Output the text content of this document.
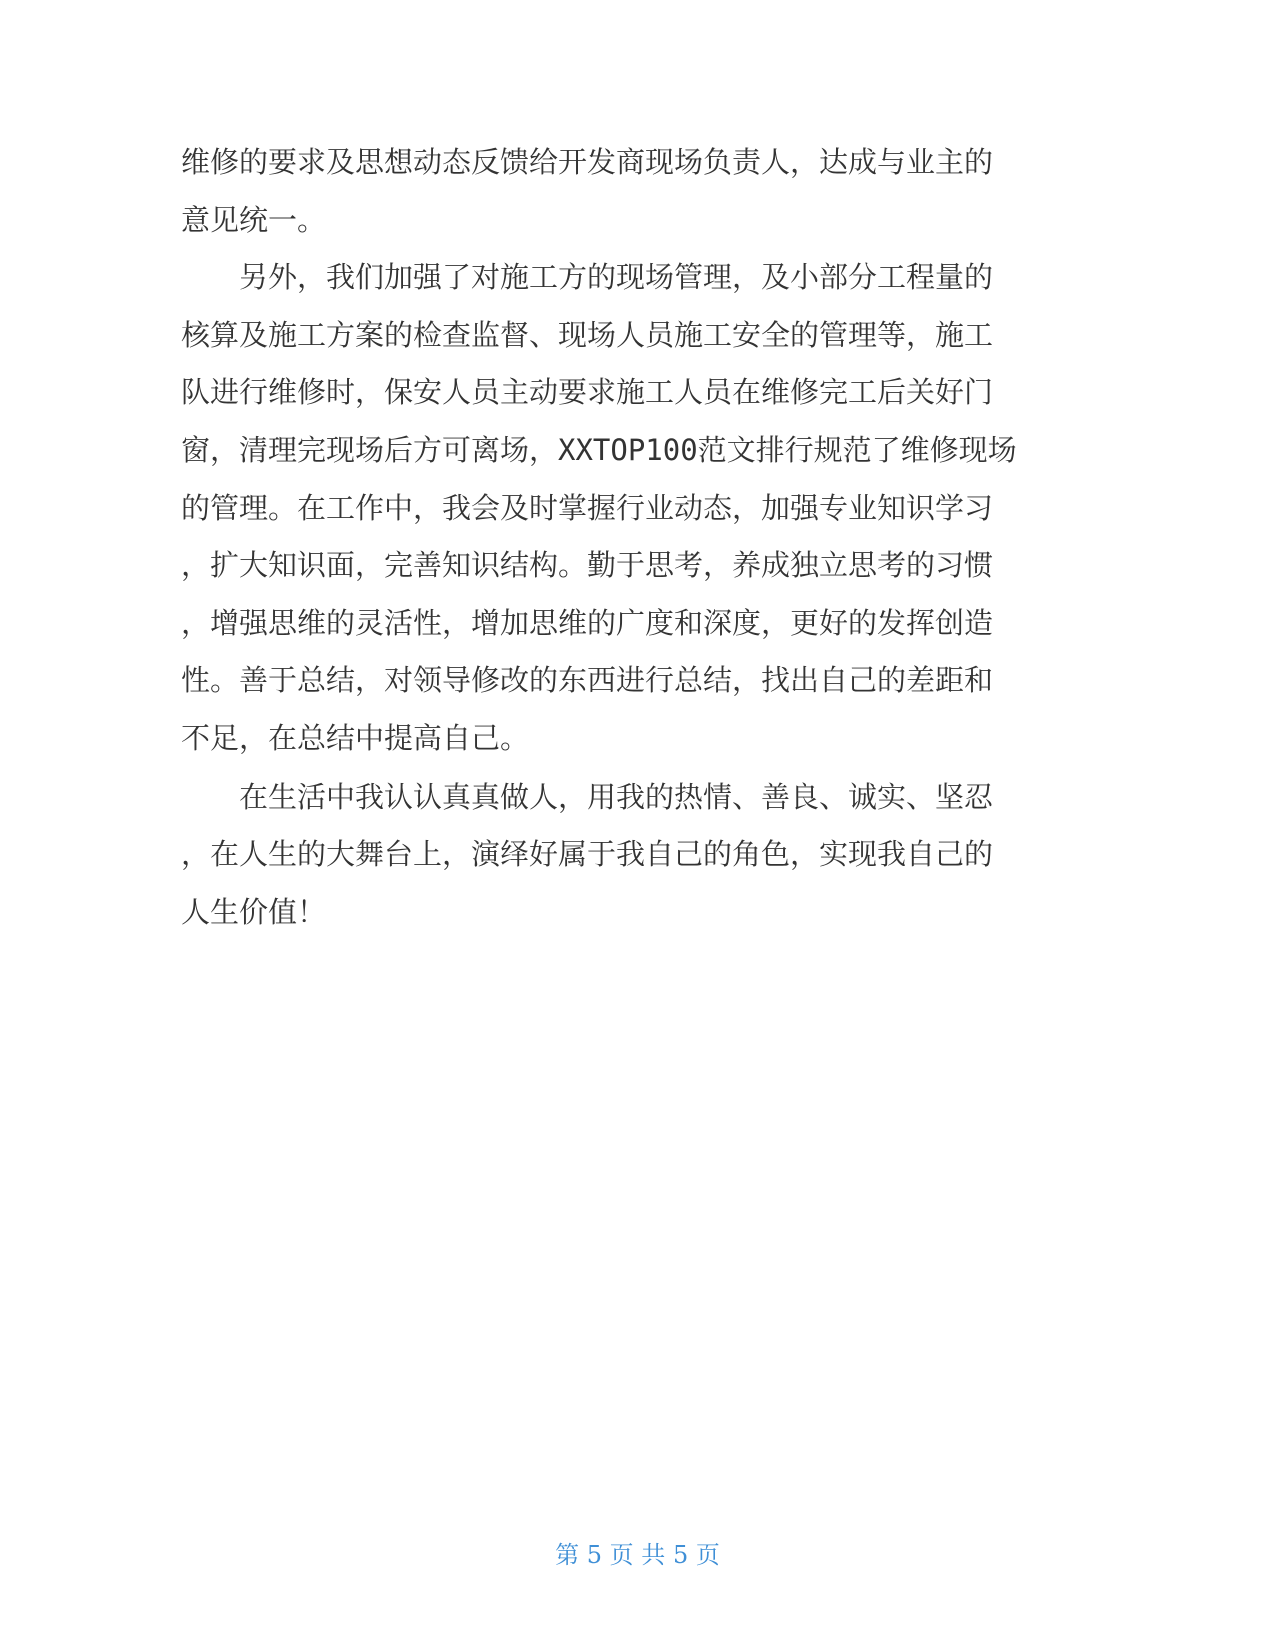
维修的要求及思想动态反馈给开发商现场负责人，达成与业主的

意见统一。

另外，我们加强了对施工方的现场管理，及小部分工程量的

核算及施工方案的检查监督、现场人员施工安全的管理等，施工

队进行维修时，保安人员主动要求施工人员在维修完工后关好门

窗，清理完现场后方可离场，XXTOP100范文排行规范了维修现场

的管理。在工作中，我会及时掌握行业动态，加强专业知识学习

，扩大知识面，完善知识结构。勤于思考，养成独立思考的习惯

，增强思维的灵活性，增加思维的广度和深度，更好的发挥创造

性。善于总结，对领导修改的东西进行总结，找出自己的差距和

不足，在总结中提高自己。

在生活中我认认真真做人，用我的热情、善良、诚实、坚忍

，在人生的大舞台上，演绎好属于我自己的角色，实现我自己的

人生价值！

第 5 页 共 5 页
